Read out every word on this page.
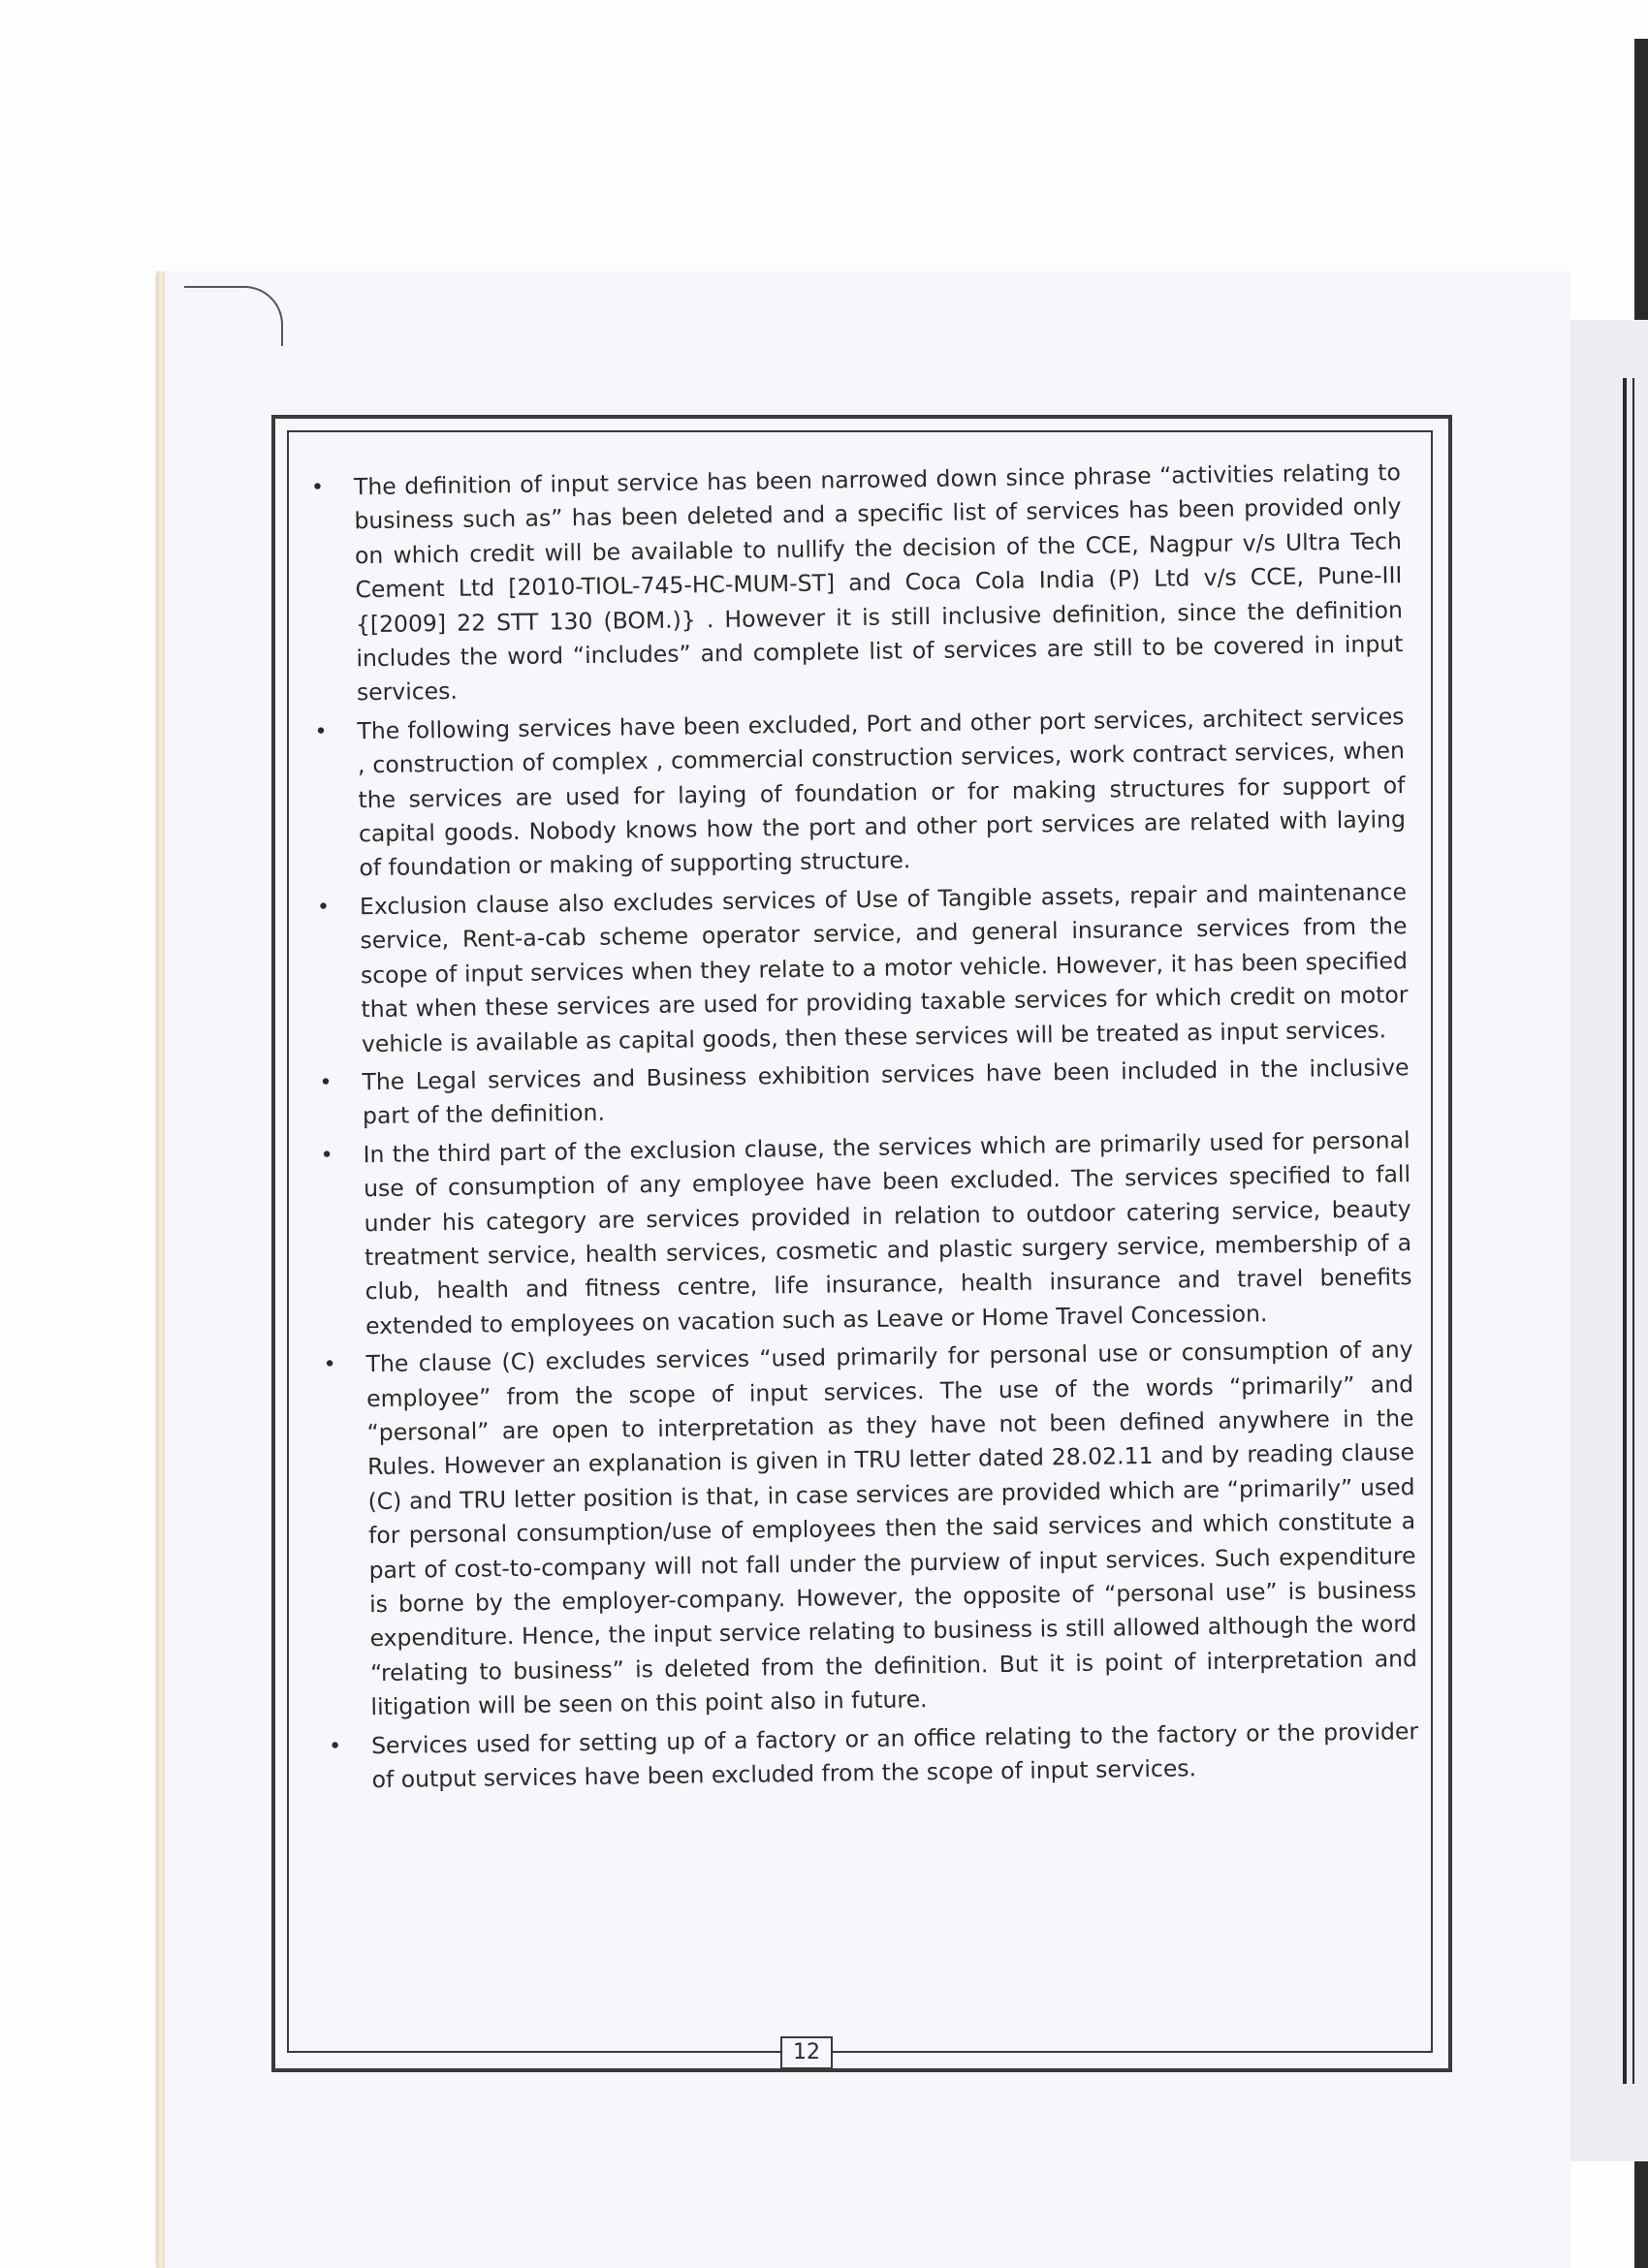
• The definition of input service has been narrowed down since phrase “activities relating to business such as” has been deleted and a specific list of services has been provided only on which credit will be available to nullify the decision of the CCE, Nagpur v/s Ultra Tech Cement Ltd [2010-TIOL-745-HC-MUM-ST] and Coca Cola India (P) Ltd v/s CCE, Pune-III {[2009] 22 STT 130 (BOM.)} . However it is still inclusive definition, since the definition includes the word “includes” and complete list of services are still to be covered in input services.
• The following services have been excluded, Port and other port services, architect services , construction of complex , commercial construction services, work contract services, when the services are used for laying of foundation or for making structures for support of capital goods. Nobody knows how the port and other port services are related with laying of foundation or making of supporting structure.
• Exclusion clause also excludes services of Use of Tangible assets, repair and maintenance service, Rent-a-cab scheme operator service, and general insurance services from the scope of input services when they relate to a motor vehicle. However, it has been specified that when these services are used for providing taxable services for which credit on motor vehicle is available as capital goods, then these services will be treated as input services.
• The Legal services and Business exhibition services have been included in the inclusive part of the definition.
• In the third part of the exclusion clause, the services which are primarily used for personal use of consumption of any employee have been excluded. The services specified to fall under his category are services provided in relation to outdoor catering service, beauty treatment service, health services, cosmetic and plastic surgery service, membership of a club, health and fitness centre, life insurance, health insurance and travel benefits extended to employees on vacation such as Leave or Home Travel Concession.
• The clause (C) excludes services “used primarily for personal use or consumption of any employee” from the scope of input services. The use of the words “primarily” and “personal” are open to interpretation as they have not been defined anywhere in the Rules. However an explanation is given in TRU letter dated 28.02.11 and by reading clause (C) and TRU letter position is that, in case services are provided which are “primarily” used for personal consumption/use of employees then the said services and which constitute a part of cost-to-company will not fall under the purview of input services. Such expenditure is borne by the employer-company. However, the opposite of “personal use” is business expenditure. Hence, the input service relating to business is still allowed although the word “relating to business” is deleted from the definition. But it is point of interpretation and litigation will be seen on this point also in future.
• Services used for setting up of a factory or an office relating to the factory or the provider of output services have been excluded from the scope of input services.
12
